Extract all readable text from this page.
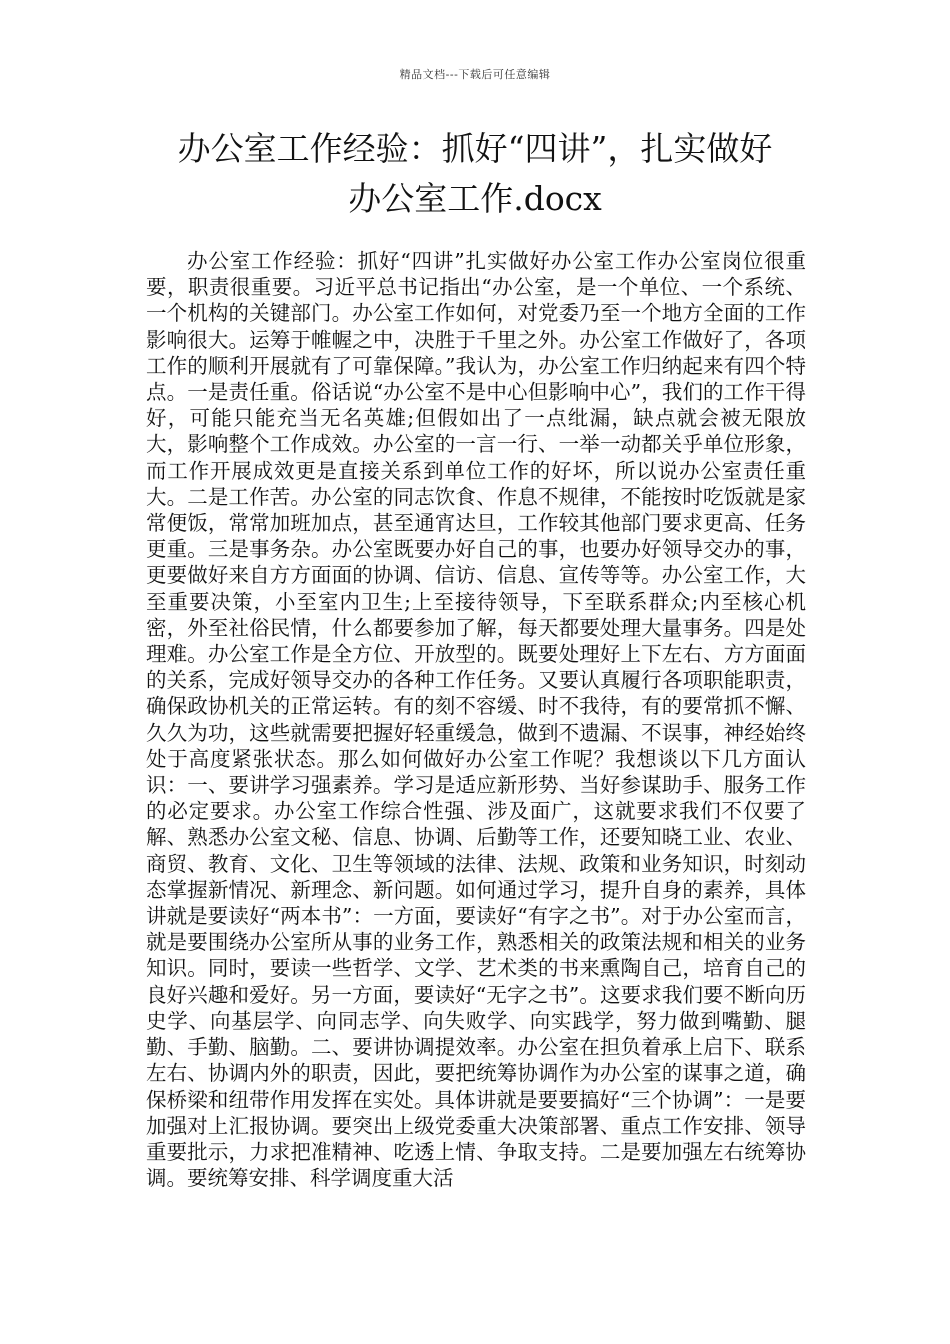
精品文档---下载后可任意编辑
办公室工作经验：抓好“四讲”，扎实做好
办公室工作.docx

办公室工作经验：抓好“四讲”扎实做好办公室工作办公室岗位很重要，职责很重要。习近平总书记指出“办公室，是一个单位、一个系统、一个机构的关键部门。办公室工作如何，对党委乃至一个地方全面的工作影响很大。运筹于帷幄之中，决胜于千里之外。办公室工作做好了，各项工作的顺利开展就有了可靠保障。”我认为，办公室工作归纳起来有四个特点。一是责任重。俗话说“办公室不是中心但影响中心”，我们的工作干得好，可能只能充当无名英雄;但假如出了一点纰漏，缺点就会被无限放大，影响整个工作成效。办公室的一言一行、一举一动都关乎单位形象，而工作开展成效更是直接关系到单位工作的好坏，所以说办公室责任重大。二是工作苦。办公室的同志饮食、作息不规律，不能按时吃饭就是家常便饭，常常加班加点，甚至通宵达旦，工作较其他部门要求更高、任务更重。三是事务杂。办公室既要办好自己的事，也要办好领导交办的事，更要做好来自方方面面的协调、信访、信息、宣传等等。办公室工作，大至重要决策，小至室内卫生;上至接待领导，下至联系群众;内至核心机密，外至社俗民情，什么都要参加了解，每天都要处理大量事务。四是处理难。办公室工作是全方位、开放型的。既要处理好上下左右、方方面面的关系，完成好领导交办的各种工作任务。又要认真履行各项职能职责，确保政协机关的正常运转。有的刻不容缓、时不我待，有的要常抓不懈、久久为功，这些就需要把握好轻重缓急，做到不遗漏、不误事，神经始终处于高度紧张状态。那么如何做好办公室工作呢？我想谈以下几方面认识：一、要讲学习强素养。学习是适应新形势、当好参谋助手、服务工作的必定要求。办公室工作综合性强、涉及面广，这就要求我们不仅要了解、熟悉办公室文秘、信息、协调、后勤等工作，还要知晓工业、农业、商贸、教育、文化、卫生等领域的法律、法规、政策和业务知识，时刻动态掌握新情况、新理念、新问题。如何通过学习，提升自身的素养，具体讲就是要读好“两本书”：一方面，要读好“有字之书”。对于办公室而言，就是要围绕办公室所从事的业务工作，熟悉相关的政策法规和相关的业务知识。同时，要读一些哲学、文学、艺术类的书来熏陶自己，培育自己的良好兴趣和爱好。另一方面，要读好“无字之书”。这要求我们要不断向历史学、向基层学、向同志学、向失败学、向实践学，努力做到嘴勤、腿勤、手勤、脑勤。二、要讲协调提效率。办公室在担负着承上启下、联系左右、协调内外的职责，因此，要把统筹协调作为办公室的谋事之道，确保桥梁和纽带作用发挥在实处。具体讲就是要要搞好“三个协调”：一是要加强对上汇报协调。要突出上级党委重大决策部署、重点工作安排、领导重要批示，力求把准精神、吃透上情、争取支持。二是要加强左右统筹协调。要统筹安排、科学调度重大活
